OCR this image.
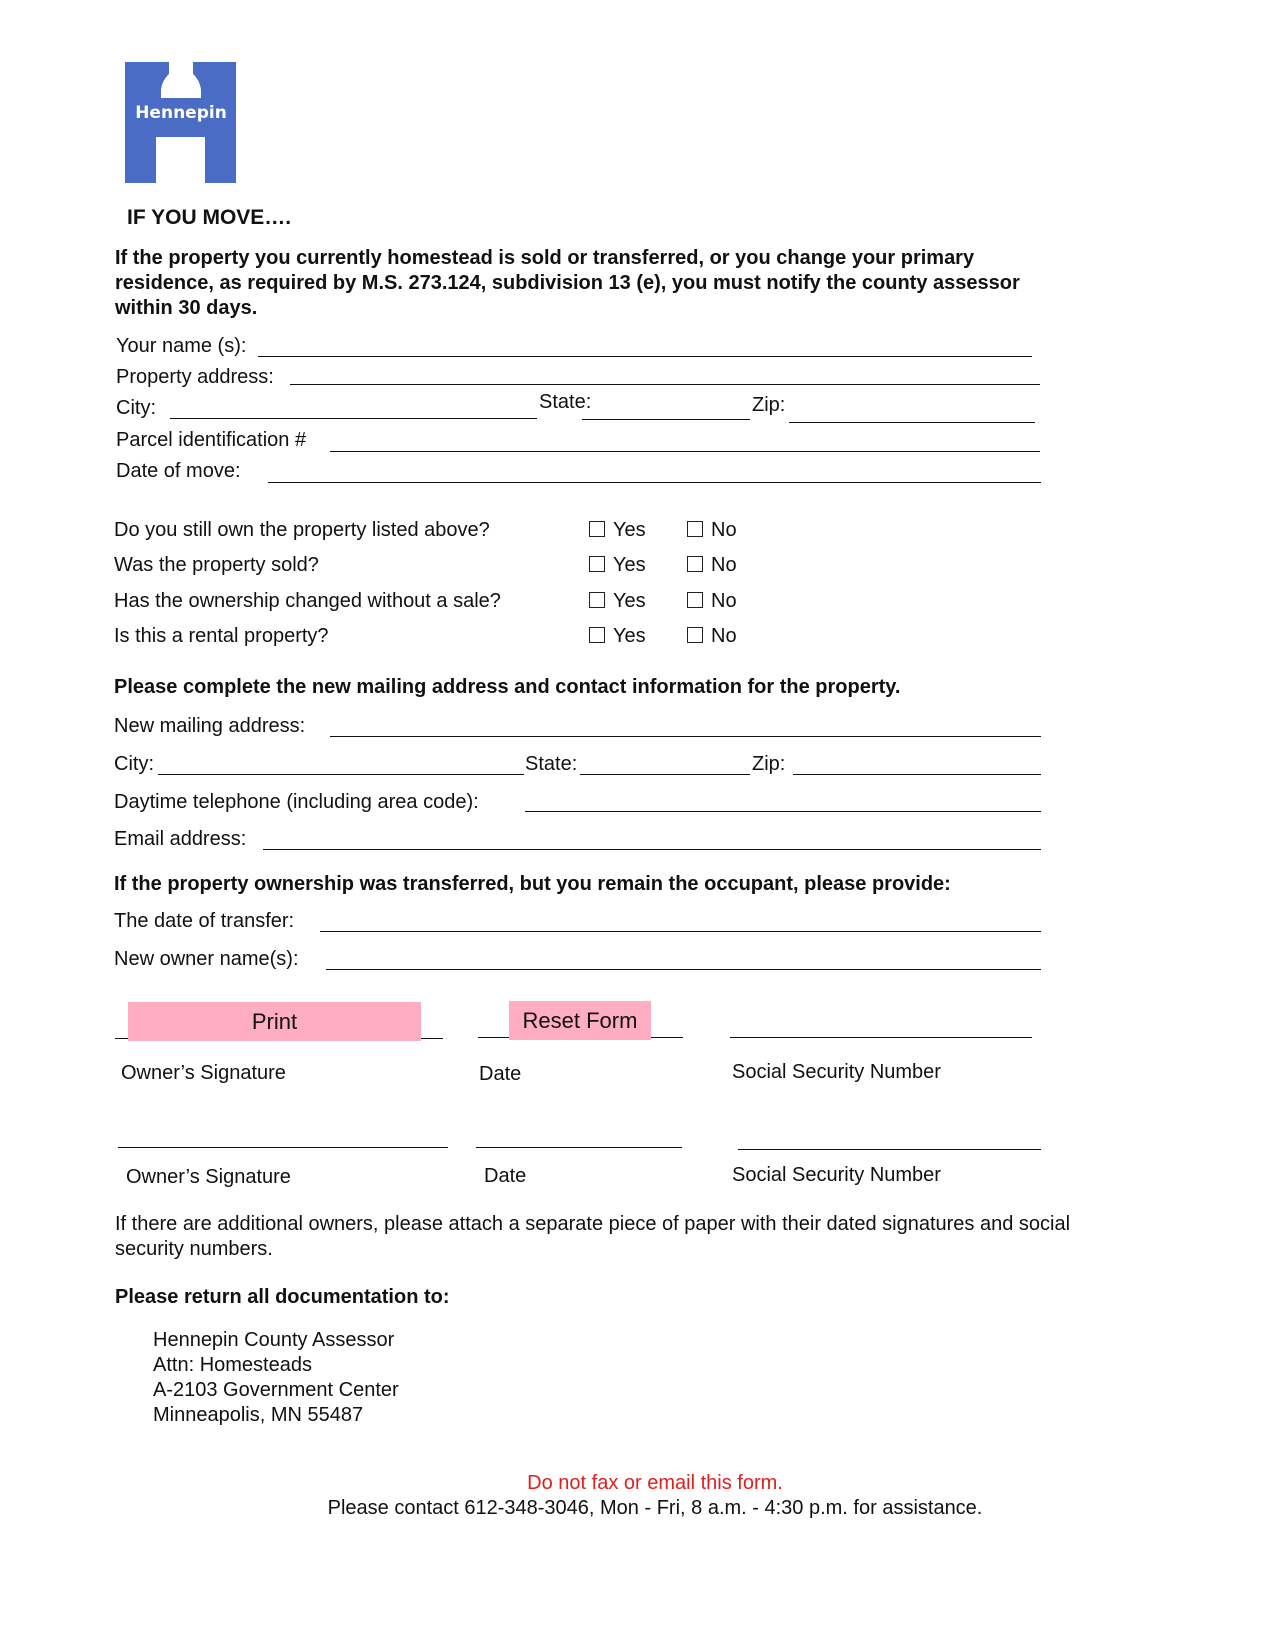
Hennepin
IF YOU MOVE….
If the property you currently homestead is sold or transferred, or you change your primary residence, as required by M.S. 273.124, subdivision 13 (e), you must notify the county assessor within 30 days.
Your name (s):
Property address:
City:	State:	Zip:
Parcel identification #
Date of move:
Do you still own the property listed above?	Yes	No
Was the property sold?	Yes	No
Has the ownership changed without a sale?	Yes	No
Is this a rental property?	Yes	No
Please complete the new mailing address and contact information for the property.
New mailing address:
City:	State:	Zip:
Daytime telephone (including area code):
Email address:
If the property ownership was transferred, but you remain the occupant, please provide:
The date of transfer:
New owner name(s):
Print	Reset Form
Owner’s Signature	Date	Social Security Number
Owner’s Signature	Date	Social Security Number
If there are additional owners, please attach a separate piece of paper with their dated signatures and social security numbers.
Please return all documentation to:
Hennepin County Assessor
Attn: Homesteads
A-2103 Government Center
Minneapolis, MN 55487
Do not fax or email this form.
Please contact 612-348-3046, Mon - Fri, 8 a.m. - 4:30 p.m. for assistance.
